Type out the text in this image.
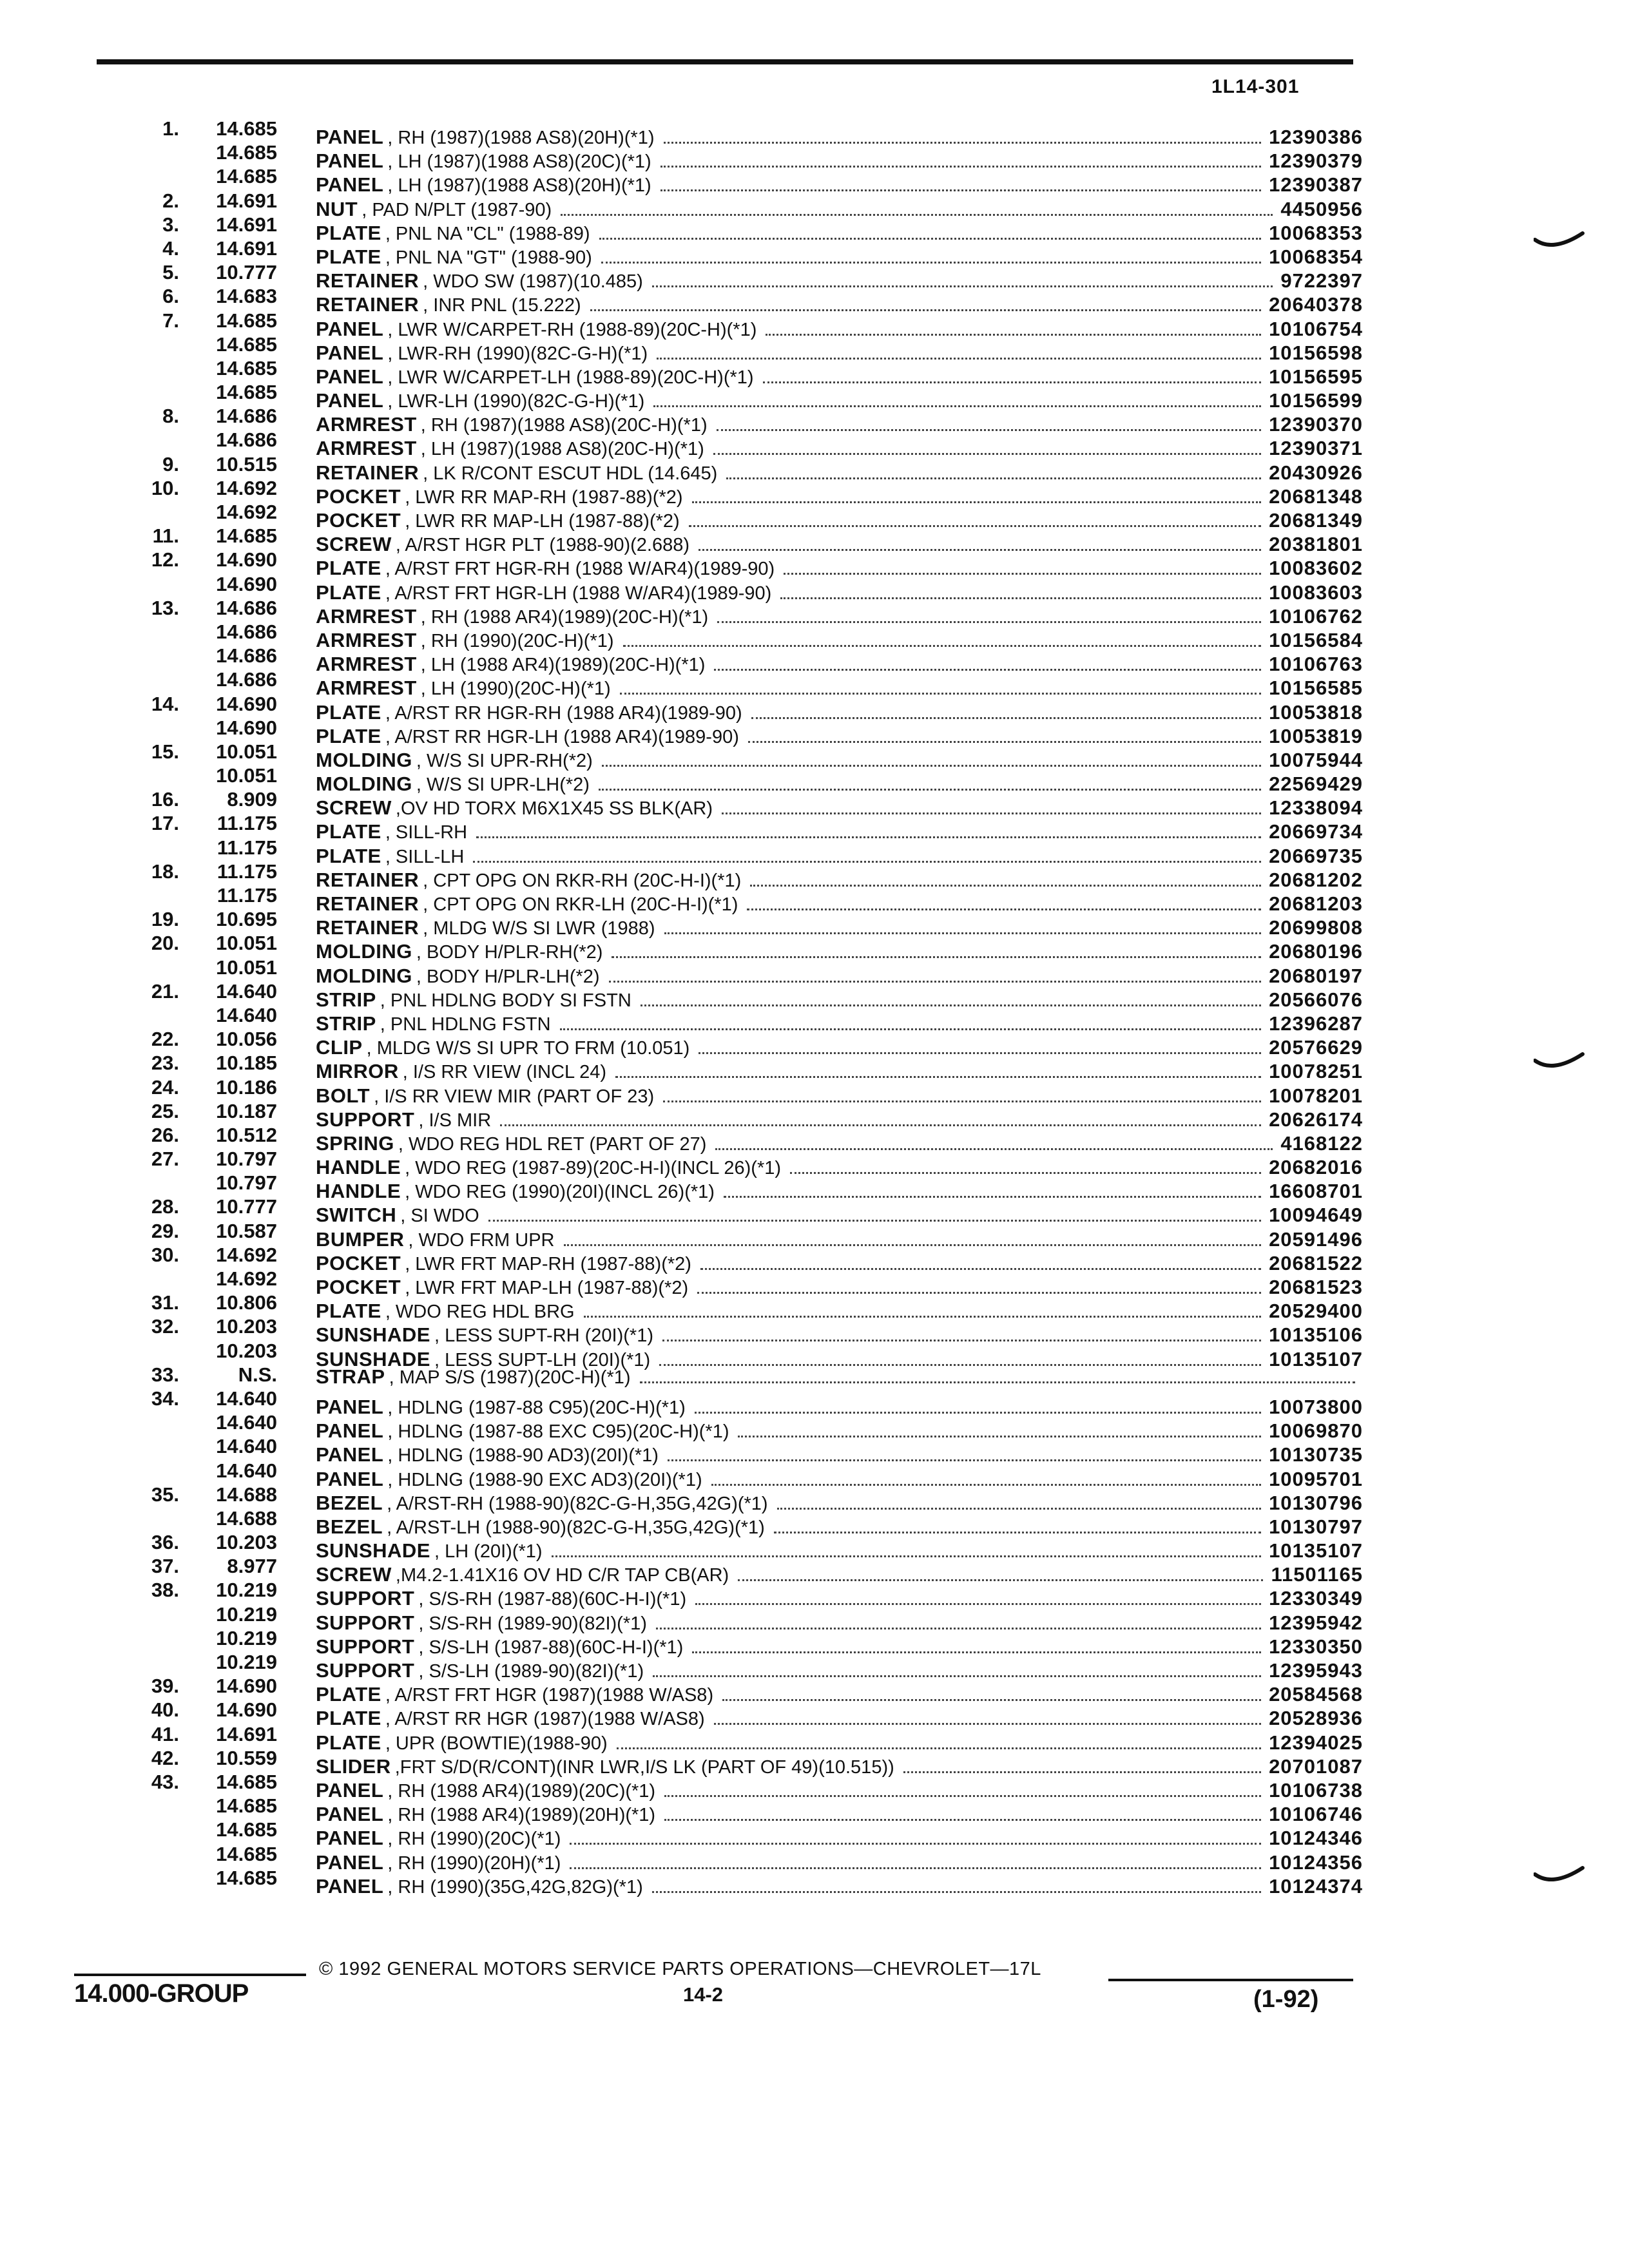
1L14-301
1.	14.685 PANEL , RH (1987)(1988 AS8)(20H)(*1)	12390386
14.685 PANEL , LH (1987)(1988 AS8)(20C)(*1)	12390379
14.685 PANEL , LH (1987)(1988 AS8)(20H)(*1)	12390387
2.	14.691 NUT , PAD N/PLT (1987-90)	4450956
3.	14.691 PLATE , PNL NA "CL" (1988-89)	10068353
4.	14.691 PLATE , PNL NA "GT" (1988-90)	10068354
5.	10.777 RETAINER , WDO SW (1987)(10.485)	9722397
6.	14.683 RETAINER , INR PNL (15.222)	20640378
7.	14.685 PANEL , LWR W/CARPET-RH (1988-89)(20C-H)(*1)	10106754
14.685 PANEL , LWR-RH (1990)(82C-G-H)(*1)	10156598
14.685 PANEL , LWR W/CARPET-LH (1988-89)(20C-H)(*1)	10156595
14.685 PANEL , LWR-LH (1990)(82C-G-H)(*1)	10156599
8.	14.686 ARMREST , RH (1987)(1988 AS8)(20C-H)(*1)	12390370
14.686 ARMREST , LH (1987)(1988 AS8)(20C-H)(*1)	12390371
9.	10.515 RETAINER , LK R/CONT ESCUT HDL (14.645)	20430926
10.	14.692 POCKET , LWR RR MAP-RH (1987-88)(*2)	20681348
14.692 POCKET , LWR RR MAP-LH (1987-88)(*2)	20681349
11.	14.685 SCREW , A/RST HGR PLT (1988-90)(2.688)	20381801
12.	14.690 PLATE , A/RST FRT HGR-RH (1988 W/AR4)(1989-90)	10083602
14.690 PLATE , A/RST FRT HGR-LH (1988 W/AR4)(1989-90)	10083603
13.	14.686 ARMREST , RH (1988 AR4)(1989)(20C-H)(*1)	10106762
14.686 ARMREST , RH (1990)(20C-H)(*1)	10156584
14.686 ARMREST , LH (1988 AR4)(1989)(20C-H)(*1)	10106763
14.686 ARMREST , LH (1990)(20C-H)(*1)	10156585
14.	14.690 PLATE , A/RST RR HGR-RH (1988 AR4)(1989-90)	10053818
14.690 PLATE , A/RST RR HGR-LH (1988 AR4)(1989-90)	10053819
15.	10.051 MOLDING , W/S SI UPR-RH(*2)	10075944
10.051 MOLDING , W/S SI UPR-LH(*2)	22569429
16.	8.909 SCREW ,OV HD TORX M6X1X45 SS BLK(AR)	12338094
17.	11.175 PLATE , SILL-RH	20669734
11.175 PLATE , SILL-LH	20669735
18.	11.175 RETAINER , CPT OPG ON RKR-RH (20C-H-I)(*1)	20681202
11.175 RETAINER , CPT OPG ON RKR-LH (20C-H-I)(*1)	20681203
19.	10.695 RETAINER , MLDG W/S SI LWR (1988)	20699808
20.	10.051 MOLDING , BODY H/PLR-RH(*2)	20680196
10.051 MOLDING , BODY H/PLR-LH(*2)	20680197
21.	14.640 STRIP , PNL HDLNG BODY SI FSTN	20566076
14.640 STRIP , PNL HDLNG FSTN	12396287
22.	10.056 CLIP , MLDG W/S SI UPR TO FRM (10.051)	20576629
23.	10.185 MIRROR , I/S RR VIEW (INCL 24)	10078251
24.	10.186 BOLT , I/S RR VIEW MIR (PART OF 23)	10078201
25.	10.187 SUPPORT , I/S MIR	20626174
26.	10.512 SPRING , WDO REG HDL RET (PART OF 27)	4168122
27.	10.797 HANDLE , WDO REG (1987-89)(20C-H-I)(INCL 26)(*1)	20682016
10.797 HANDLE , WDO REG (1990)(20I)(INCL 26)(*1)	16608701
28.	10.777 SWITCH , SI WDO	10094649
29.	10.587 BUMPER , WDO FRM UPR	20591496
30.	14.692 POCKET , LWR FRT MAP-RH (1987-88)(*2)	20681522
14.692 POCKET , LWR FRT MAP-LH (1987-88)(*2)	20681523
31.	10.806 PLATE , WDO REG HDL BRG	20529400
32.	10.203 SUNSHADE , LESS SUPT-RH (20I)(*1)	10135106
10.203 SUNSHADE , LESS SUPT-LH (20I)(*1)	10135107
33.	N.S. STRAP , MAP S/S (1987)(20C-H)(*1)
34.	14.640 PANEL , HDLNG (1987-88 C95)(20C-H)(*1)	10073800
14.640 PANEL , HDLNG (1987-88 EXC C95)(20C-H)(*1)	10069870
14.640 PANEL , HDLNG (1988-90 AD3)(20I)(*1)	10130735
14.640 PANEL , HDLNG (1988-90 EXC AD3)(20I)(*1)	10095701
35.	14.688 BEZEL , A/RST-RH (1988-90)(82C-G-H,35G,42G)(*1)	10130796
14.688 BEZEL , A/RST-LH (1988-90)(82C-G-H,35G,42G)(*1)	10130797
36.	10.203 SUNSHADE , LH (20I)(*1)	10135107
37.	8.977 SCREW ,M4.2-1.41X16 OV HD C/R TAP CB(AR)	11501165
38.	10.219 SUPPORT , S/S-RH (1987-88)(60C-H-I)(*1)	12330349
10.219 SUPPORT , S/S-RH (1989-90)(82I)(*1)	12395942
10.219 SUPPORT , S/S-LH (1987-88)(60C-H-I)(*1)	12330350
10.219 SUPPORT , S/S-LH (1989-90)(82I)(*1)	12395943
39.	14.690 PLATE , A/RST FRT HGR (1987)(1988 W/AS8)	20584568
40.	14.690 PLATE , A/RST RR HGR (1987)(1988 W/AS8)	20528936
41.	14.691 PLATE , UPR (BOWTIE)(1988-90)	12394025
42.	10.559 SLIDER ,FRT S/D(R/CONT)(INR LWR,I/S LK (PART OF 49)(10.515))	20701087
43.	14.685 PANEL , RH (1988 AR4)(1989)(20C)(*1)	10106738
14.685 PANEL , RH (1988 AR4)(1989)(20H)(*1)	10106746
14.685 PANEL , RH (1990)(20C)(*1)	10124346
14.685 PANEL , RH (1990)(20H)(*1)	10124356
14.685 PANEL , RH (1990)(35G,42G,82G)(*1)	10124374
© 1992 GENERAL MOTORS SERVICE PARTS OPERATIONS—CHEVROLET—17L
14.000-GROUP	14-2	(1-92)
